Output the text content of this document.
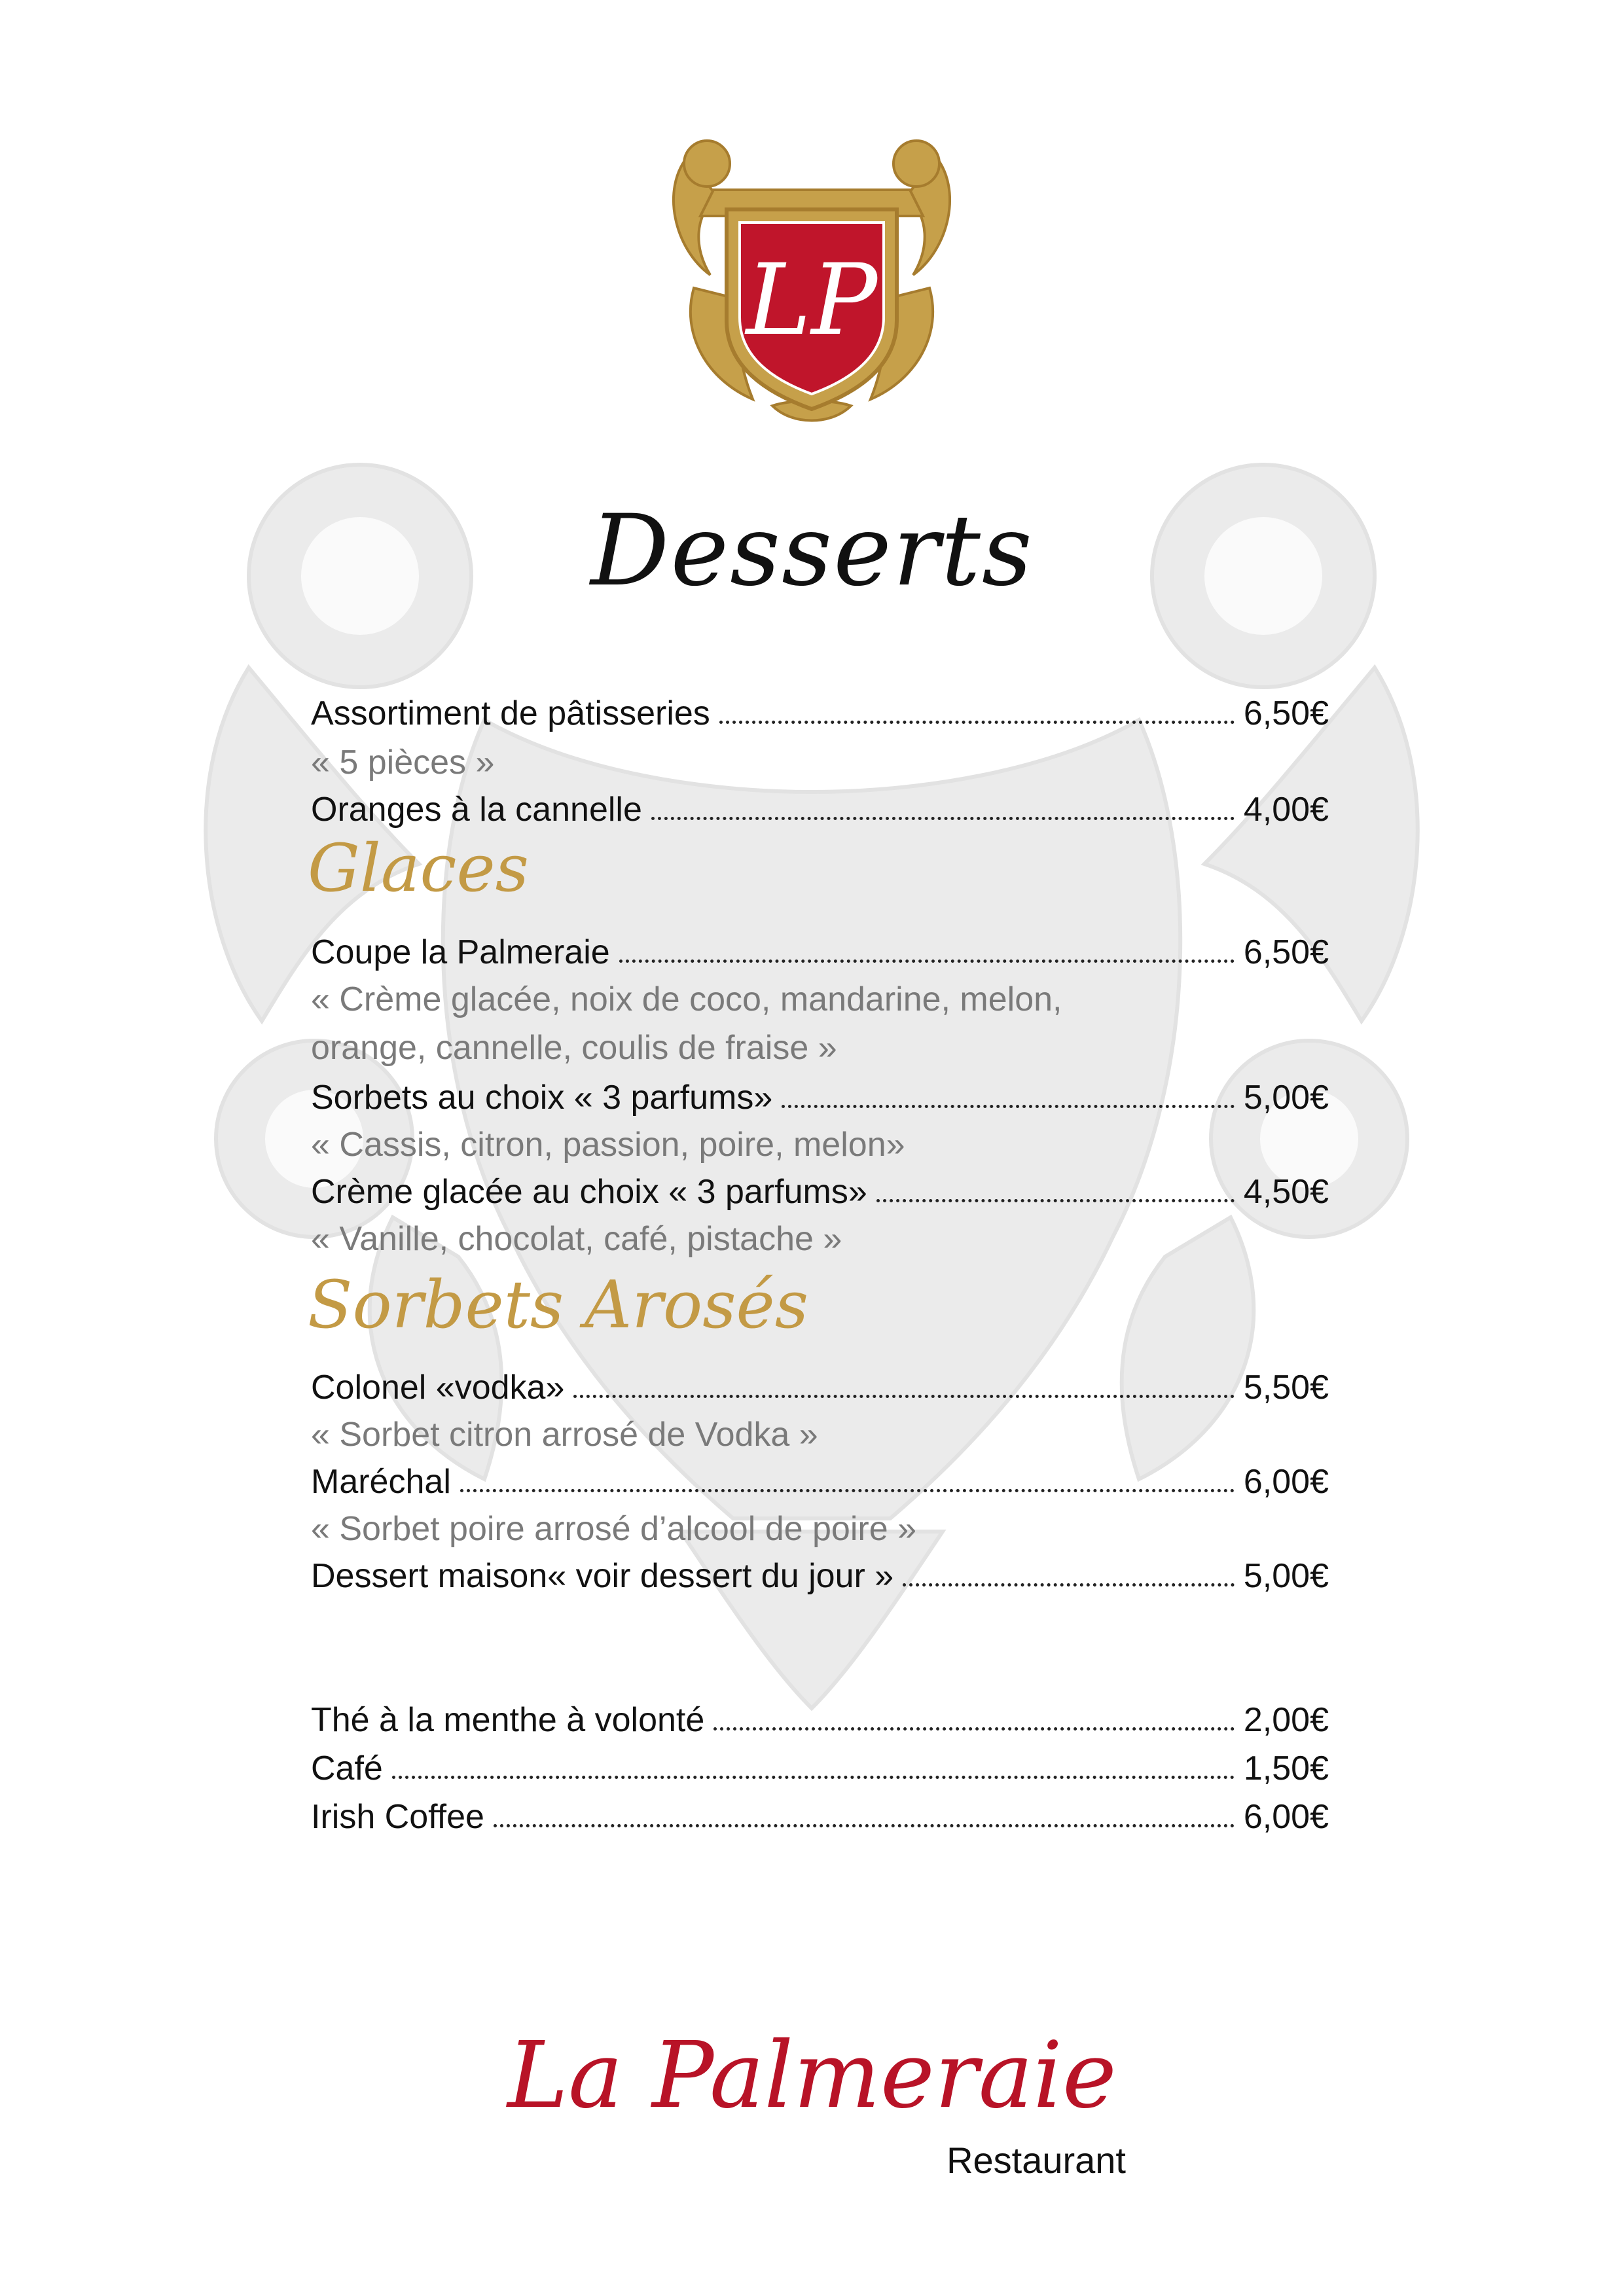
LP
Desserts
Assortiment de pâtisseries	6,50€
« 5 pièces »
Oranges à la cannelle	4,00€
Glaces
Coupe la Palmeraie	6,50€
« Crème glacée, noix de coco, mandarine, melon,
orange, cannelle, coulis de fraise »
Sorbets au choix « 3 parfums»	5,00€
« Cassis, citron, passion, poire, melon»
Crème glacée au choix « 3 parfums»	4,50€
« Vanille, chocolat, café, pistache »
Sorbets Arosés
Colonel «vodka»	5,50€
« Sorbet citron arrosé de Vodka »
Maréchal	6,00€
« Sorbet poire arrosé d’alcool de poire »
Dessert maison « voir dessert du jour »	5,00€
Thé à la menthe à volonté	2,00€
Café	1,50€
Irish Coffee	6,00€
La Palmeraie
Restaurant
